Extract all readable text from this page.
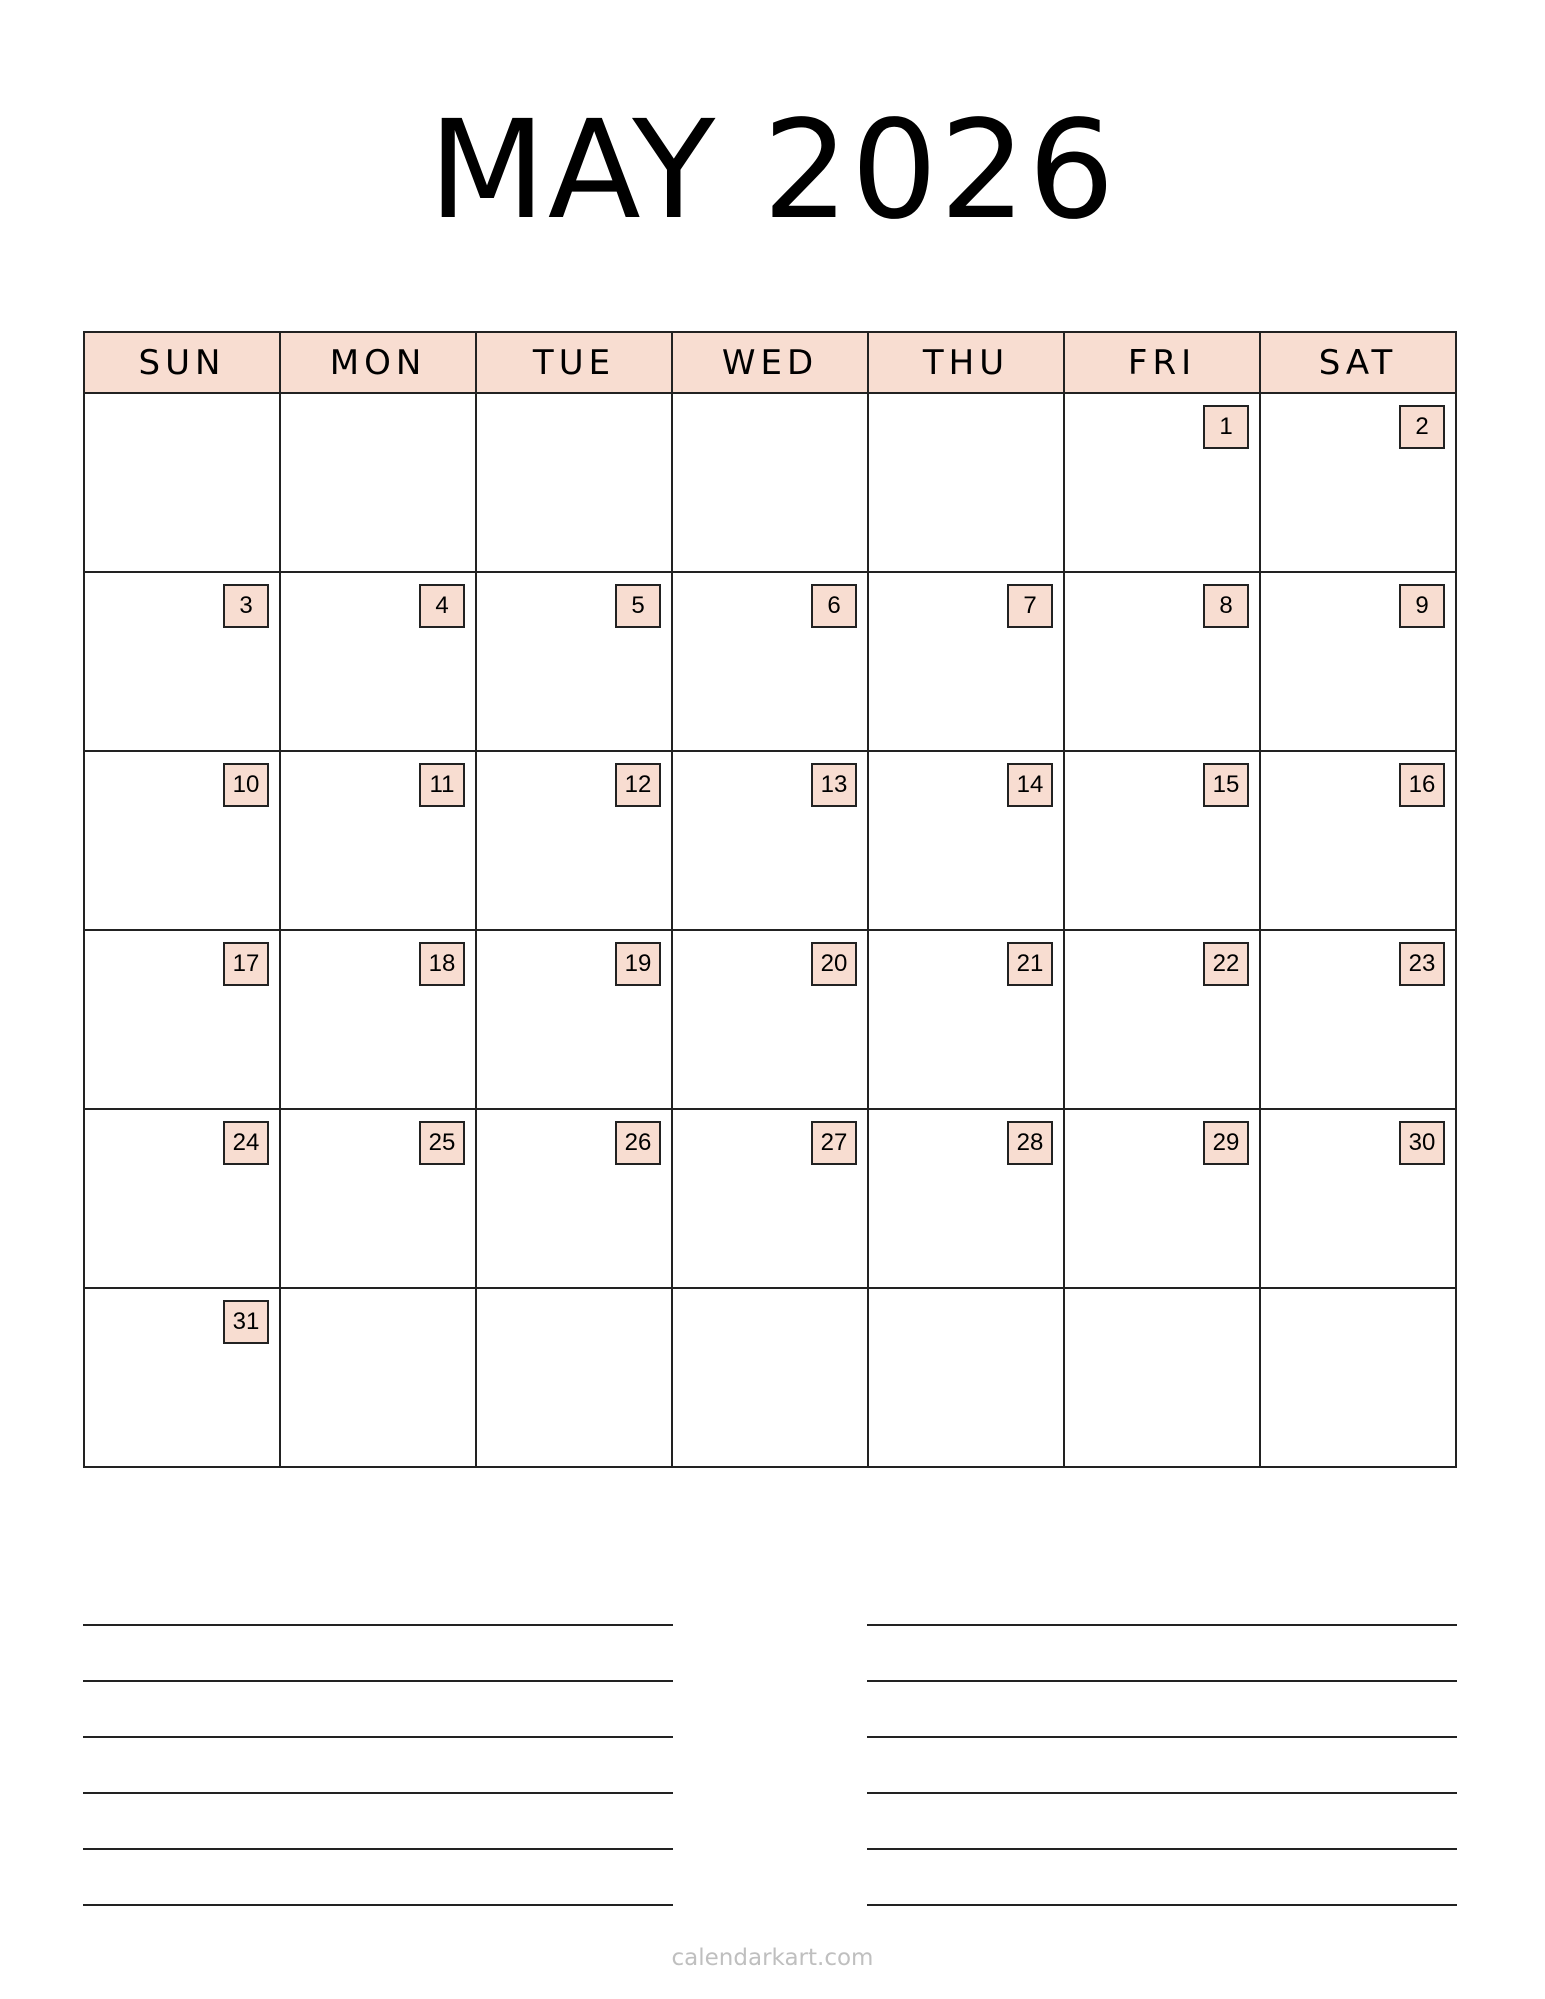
MAY 2026
SUN	MON	TUE	WED	THU	FRI	SAT

					1	2

3	4	5	6	7	8	9

10	11	12	13	14	15	16

17	18	19	20	21	22	23

24	25	26	27	28	29	30

31						

calendarkart.com
